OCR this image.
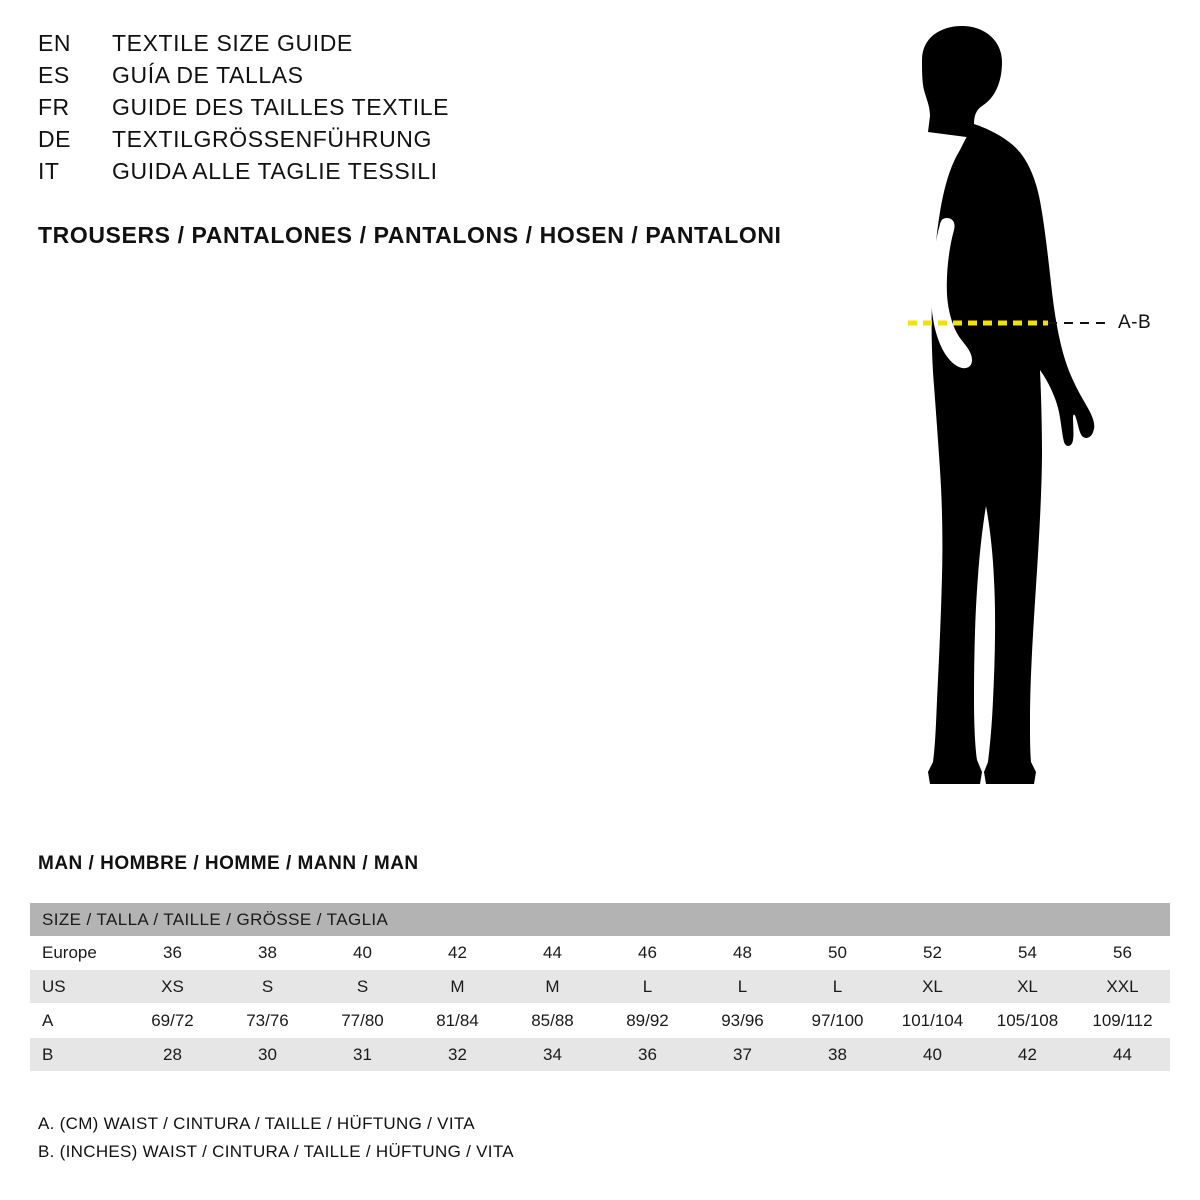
EN	TEXTILE SIZE GUIDE
ES	GUÍA DE TALLAS
FR	GUIDE DES TAILLES TEXTILE
DE	TEXTILGRÖSSENFÜHRUNG
IT	GUIDA ALLE TAGLIE TESSILI
TROUSERS / PANTALONES / PANTALONS / HOSEN / PANTALONI
A-B
MAN / HOMBRE / HOMME / MANN / MAN
SIZE / TALLA / TAILLE / GRÖSSE / TAGLIA											
Europe	36	38	40	42	44	46	48	50	52	54	56
US	XS	S	S	M	M	L	L	L	XL	XL	XXL
A	69/72	73/76	77/80	81/84	85/88	89/92	93/96	97/100	101/104	105/108	109/112
B	28	30	31	32	34	36	37	38	40	42	44
A. (CM) WAIST / CINTURA / TAILLE / HÜFTUNG / VITA
B. (INCHES) WAIST / CINTURA / TAILLE / HÜFTUNG / VITA
